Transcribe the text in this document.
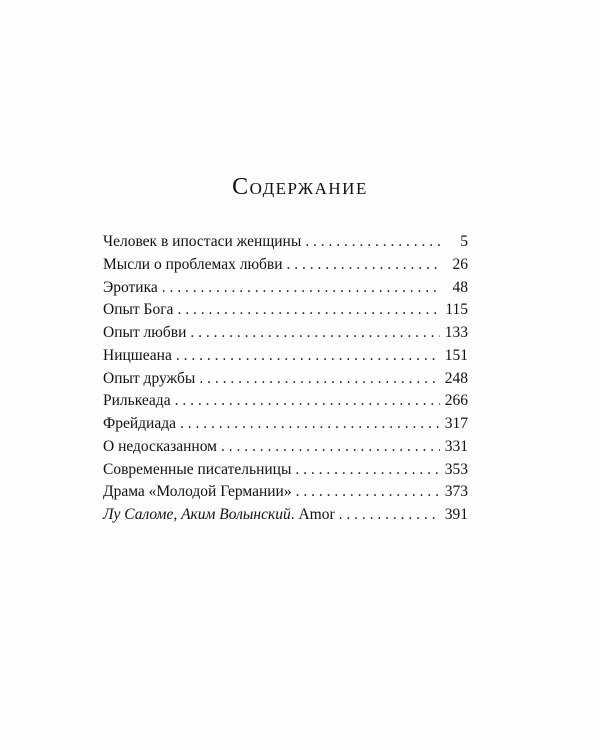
Содержание
Человек в ипостаси женщины . . .	5
Мысли о проблемах любви . . .	26
Эротика . . .	48
Опыт Бога . . .	115
Опыт любви . . .	133
Ницшеана . . .	151
Опыт дружбы . . .	248
Рилькеада . . .	266
Фрейдиада . . .	317
О недосказанном . . .	331
Современные писательницы . . .	353
Драма «Молодой Германии» . . .	373
Лу Саломе, Аким Волынский. Amor . . .	391
